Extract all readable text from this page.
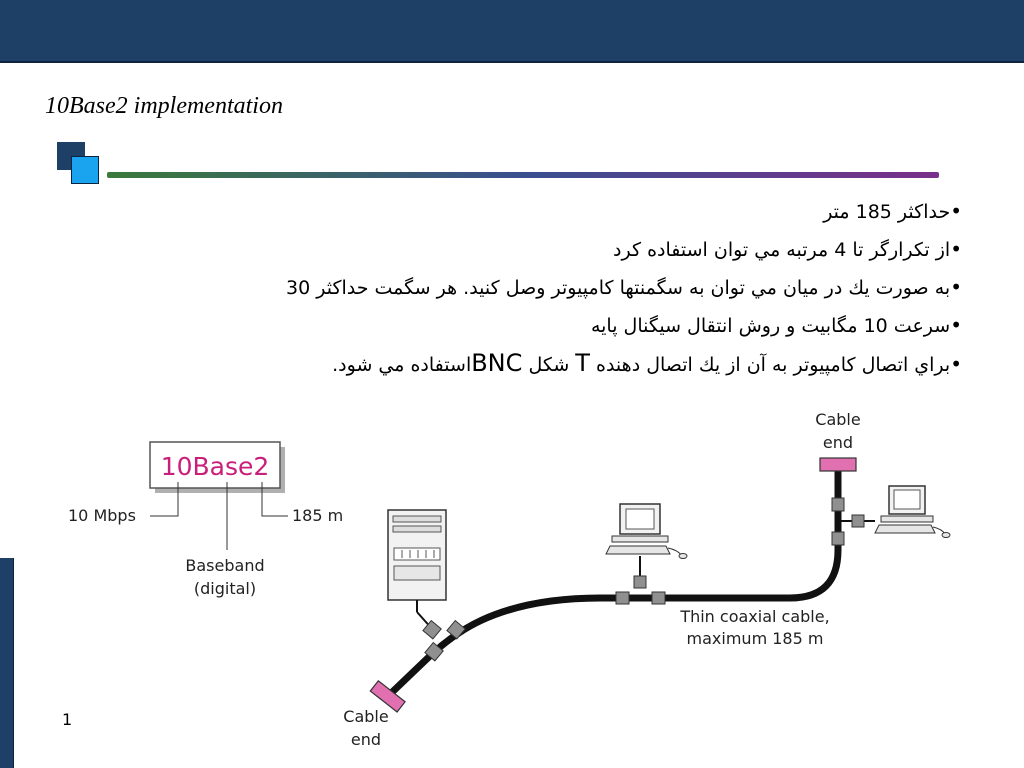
10Base2 implementation
•حداکثر 185 متر
•از تکرارگر تا 4 مرتبه مي توان استفاده کرد
•به صورت يك در ميان مي توان به سگمنتها کامپيوتر وصل کنيد. هر سگمت حداکثر 30
•سرعت 10 مگابيت و روش انتقال سيگنال پايه
•براي اتصال کامپيوتر به آن از يك اتصال دهنده T شکل BNCاستفاده مي شود.
10Base2
10 Mbps	185 m
Baseband
(digital)
Cable
end
Thin coaxial cable,
maximum 185 m
Cable
end
1
